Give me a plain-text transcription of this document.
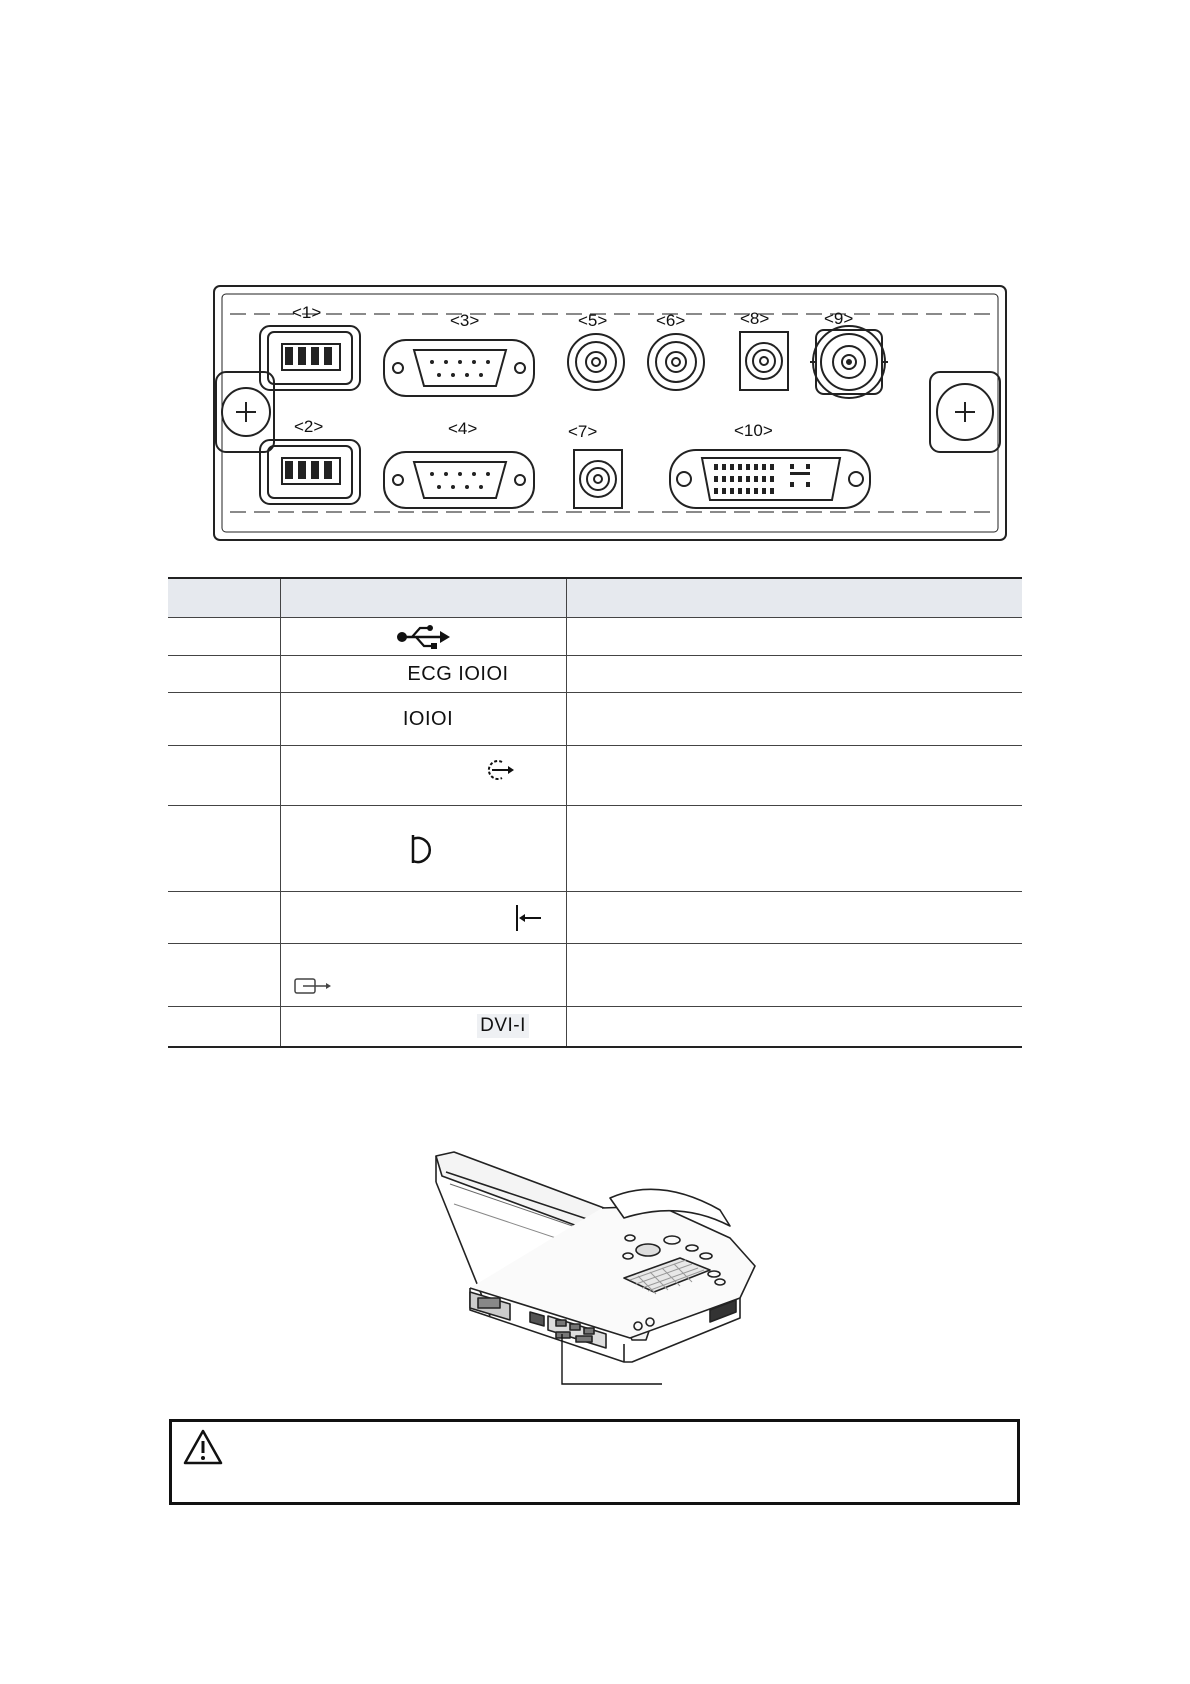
<1>
<2>
<3>
<4>
<5>	<6>
<7>
<8>	<9>
<10>

	ECG IOIOI	

	IOIOI	

	DVI-I	
